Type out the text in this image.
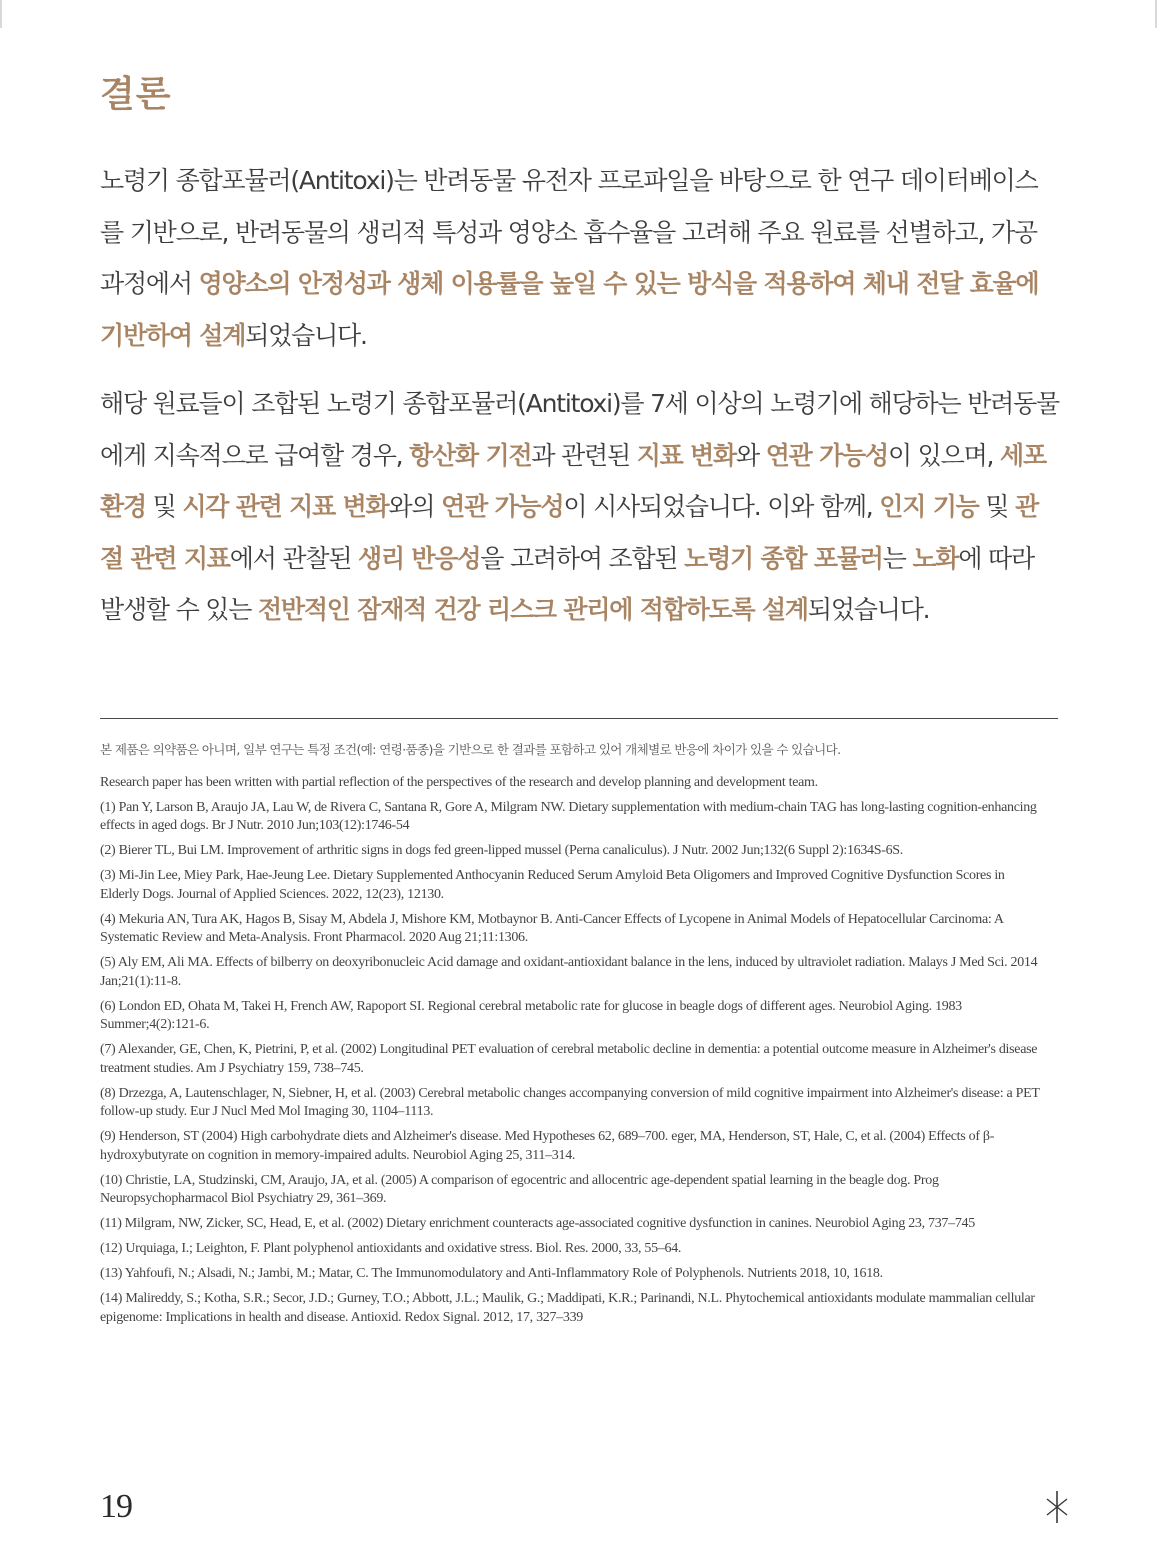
결론

노령기 종합포뮬러(Antitoxi)는 반려동물 유전자 프로파일을 바탕으로 한 연구 데이터베이스를 기반으로, 반려동물의 생리적 특성과 영양소 흡수율을 고려해 주요 원료를 선별하고, 가공 과정에서 영양소의 안정성과 생체 이용률을 높일 수 있는 방식을 적용하여 체내 전달 효율에 기반하여 설계되었습니다.

해당 원료들이 조합된 노령기 종합포뮬러(Antitoxi)를 7세 이상의 노령기에 해당하는 반려동물에게 지속적으로 급여할 경우, 항산화 기전과 관련된 지표 변화와 연관 가능성이 있으며, 세포 환경 및 시각 관련 지표 변화와의 연관 가능성이 시사되었습니다. 이와 함께, 인지 기능 및 관절 관련 지표에서 관찰된 생리 반응성을 고려하여 조합된 노령기 종합 포뮬러는 노화에 따라 발생할 수 있는 전반적인 잠재적 건강 리스크 관리에 적합하도록 설계되었습니다.

본 제품은 의약품은 아니며, 일부 연구는 특정 조건(예: 연령·품종)을 기반으로 한 결과를 포함하고 있어 개체별로 반응에 차이가 있을 수 있습니다.

Research paper has been written with partial reflection of the perspectives of the research and develop planning and development team.

(1) Pan Y, Larson B, Araujo JA, Lau W, de Rivera C, Santana R, Gore A, Milgram NW. Dietary supplementation with medium-chain TAG has long-lasting cognition-enhancing effects in aged dogs. Br J Nutr. 2010 Jun;103(12):1746-54

(2) Bierer TL, Bui LM. Improvement of arthritic signs in dogs fed green-lipped mussel (Perna canaliculus). J Nutr. 2002 Jun;132(6 Suppl 2):1634S-6S.

(3) Mi-Jin Lee, Miey Park, Hae-Jeung Lee. Dietary Supplemented Anthocyanin Reduced Serum Amyloid Beta Oligomers and Improved Cognitive Dysfunction Scores in Elderly Dogs. Journal of Applied Sciences. 2022, 12(23), 12130.

(4) Mekuria AN, Tura AK, Hagos B, Sisay M, Abdela J, Mishore KM, Motbaynor B. Anti-Cancer Effects of Lycopene in Animal Models of Hepatocellular Carcinoma: A Systematic Review and Meta-Analysis. Front Pharmacol. 2020 Aug 21;11:1306.

(5) Aly EM, Ali MA. Effects of bilberry on deoxyribonucleic Acid damage and oxidant-antioxidant balance in the lens, induced by ultraviolet radiation. Malays J Med Sci. 2014 Jan;21(1):11-8.

(6) London ED, Ohata M, Takei H, French AW, Rapoport SI. Regional cerebral metabolic rate for glucose in beagle dogs of different ages. Neurobiol Aging. 1983 Summer;4(2):121-6.

(7) Alexander, GE, Chen, K, Pietrini, P, et al. (2002) Longitudinal PET evaluation of cerebral metabolic decline in dementia: a potential outcome measure in Alzheimer's disease treatment studies. Am J Psychiatry 159, 738–745.

(8) Drzezga, A, Lautenschlager, N, Siebner, H, et al. (2003) Cerebral metabolic changes accompanying conversion of mild cognitive impairment into Alzheimer's disease: a PET follow-up study. Eur J Nucl Med Mol Imaging 30, 1104–1113.

(9) Henderson, ST (2004) High carbohydrate diets and Alzheimer's disease. Med Hypotheses 62, 689–700. eger, MA, Henderson, ST, Hale, C, et al. (2004) Effects of β-hydroxybutyrate on cognition in memory-impaired adults. Neurobiol Aging 25, 311–314.

(10) Christie, LA, Studzinski, CM, Araujo, JA, et al. (2005) A comparison of egocentric and allocentric age-dependent spatial learning in the beagle dog. Prog Neuropsychopharmacol Biol Psychiatry 29, 361–369.

(11) Milgram, NW, Zicker, SC, Head, E, et al. (2002) Dietary enrichment counteracts age-associated cognitive dysfunction in canines. Neurobiol Aging 23, 737–745

(12) Urquiaga, I.; Leighton, F. Plant polyphenol antioxidants and oxidative stress. Biol. Res. 2000, 33, 55–64.

(13) Yahfoufi, N.; Alsadi, N.; Jambi, M.; Matar, C. The Immunomodulatory and Anti-Inflammatory Role of Polyphenols. Nutrients 2018, 10, 1618.

(14) Malireddy, S.; Kotha, S.R.; Secor, J.D.; Gurney, T.O.; Abbott, J.L.; Maulik, G.; Maddipati, K.R.; Parinandi, N.L. Phytochemical antioxidants modulate mammalian cellular epigenome: Implications in health and disease. Antioxid. Redox Signal. 2012, 17, 327–339

19
